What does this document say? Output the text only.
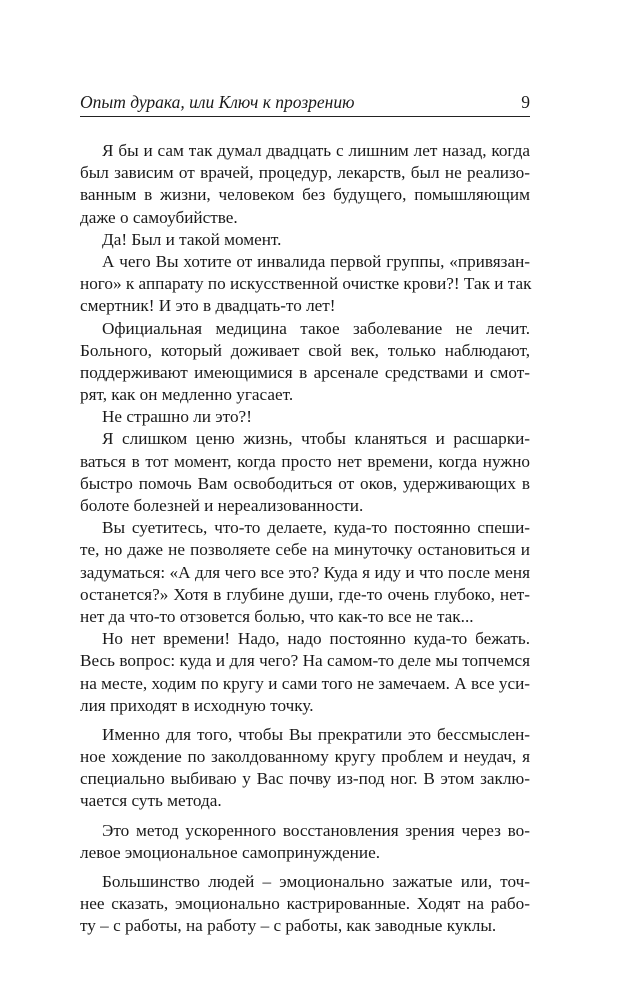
Опыт дурака, или Ключ к прозрению	9
Я бы и сам так думал двадцать с лишним лет назад, когда
был зависим от врачей, процедур, лекарств, был не реализо-
ванным в жизни, человеком без будущего, помышляющим
даже о самоубийстве.
Да! Был и такой момент.
А чего Вы хотите от инвалида первой группы, «привязан-
ного» к аппарату по искусственной очистке крови?! Так и так
смертник! И это в двадцать-то лет!
Официальная медицина такое заболевание не лечит.
Больного, который доживает свой век, только наблюдают,
поддерживают имеющимися в арсенале средствами и смот-
рят, как он медленно угасает.
Не страшно ли это?!
Я слишком ценю жизнь, чтобы кланяться и расшарки-
ваться в тот момент, когда просто нет времени, когда нужно
быстро помочь Вам освободиться от оков, удерживающих в
болоте болезней и нереализованности.
Вы суетитесь, что-то делаете, куда-то постоянно спеши-
те, но даже не позволяете себе на минуточку остановиться и
задуматься: «А для чего все это? Куда я иду и что после меня
останется?» Хотя в глубине души, где-то очень глубоко, нет-
нет да что-то отзовется болью, что как-то все не так...
Но нет времени! Надо, надо постоянно куда-то бежать.
Весь вопрос: куда и для чего? На самом-то деле мы топчемся
на месте, ходим по кругу и сами того не замечаем. А все уси-
лия приходят в исходную точку.
Именно для того, чтобы Вы прекратили это бессмыслен-
ное хождение по заколдованному кругу проблем и неудач, я
специально выбиваю у Вас почву из-под ног. В этом заклю-
чается суть метода.
Это метод ускоренного восстановления зрения через во-
левое эмоциональное самопринуждение.
Большинство людей – эмоционально зажатые или, точ-
нее сказать, эмоционально кастрированные. Ходят на рабо-
ту – с работы, на работу – с работы, как заводные куклы.
